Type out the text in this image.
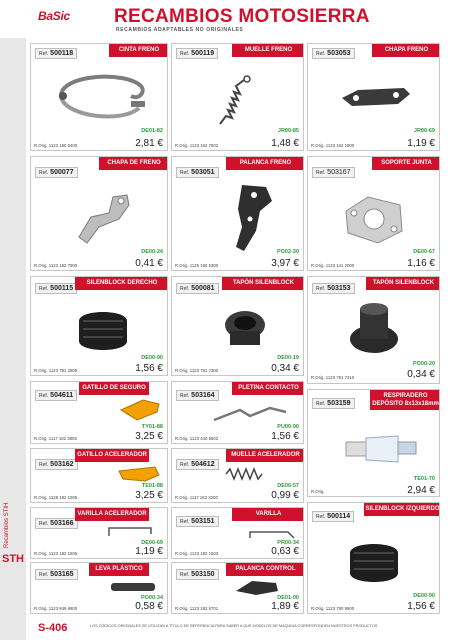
BaSic RECAMBIOS MOTOSIERRA
RECAMBIOS ADAPTABLES NO ORIGINALES
Recambios STIH
STH
Ref. 500118	CINTA FRENO
DE01-82
R.Orig. 1123 160 5400	2,81 €
Ref. 500119	MUELLE FRENO
JR00-85
R.Orig. 1123 162 7502	1,48 €
Ref. 503053	CHAPA FRENO
JR00-69
R.Orig. 1123 162 1800	1,19 €
Ref. 500077
CHAPA DE FRENO
DE00-24
R.Orig. 1123 162 7900	0,41 €
Ref. 503051
PALANCA FRENO
PO02-30
R.Orig. 1125 160 5300	3,97 €
Ref. 503167
SOPORTE JUNTA
DE00-67
R.Orig. 1123 141 2000	1,16 €
Ref. 500115
SILENBLOCK DERECHO
DE00-90
R.Orig. 1123 791 2905	1,56 €
Ref. 500081
TAPÓN SILENBLOCK
DE00-19
R.Orig. 1123 791 7300	0,34 €
Ref. 503153
TAPÓN SILENBLOCK
PO00-20
R.Orig. 1123 791 7310	0,34 €
Ref. 504611
GATILLO DE SEGURO
TY01-88
R.Orig. 1117 182 3805	3,25 €
Ref. 503164
PLETINA CONTACTO
PU00-90
R.Orig. 1123 440 5602	1,56 €
Ref. 503159
RESPIRADERO DEPÓSITO 8x13x18mm
TE01-70
R.Orig.	2,94 €
Ref. 503162
GATILLO ACELERADOR
TE01-88
R.Orig. 1128 182 1005	3,25 €
Ref. 504612
MUELLE ACELERADOR
DE00-57
R.Orig. 1117 182 3200	0,99 €
Ref. 503166
VARILLA ACELERADOR
DE00-69
R.Orig. 1123 182 1505	1,19 €
Ref. 503151
VARILLA
PR00-34
R.Orig. 1123 182 1503	0,63 €
Ref. 500114
SILENBLOCK IZQUIERDO
DE00-90
R.Orig. 1123 790 9900	1,56 €
Ref. 503165
LEVA PLÁSTICO
PO00-34
R.Orig. 1123 849 6800	0,58 €
Ref. 503150
PALANCA CONTROL
DE01-00
R.Orig. 1123 182 6701	1,89 €
S-406	LOS CÓDIGOS ORIGINALES SE UTILIZAN A TÍTULO DE REFERENCIA PARA SABER A QUÉ MODELOS DE MÁQUINA CORRESPONDEN NUESTROS PRODUCTOS
